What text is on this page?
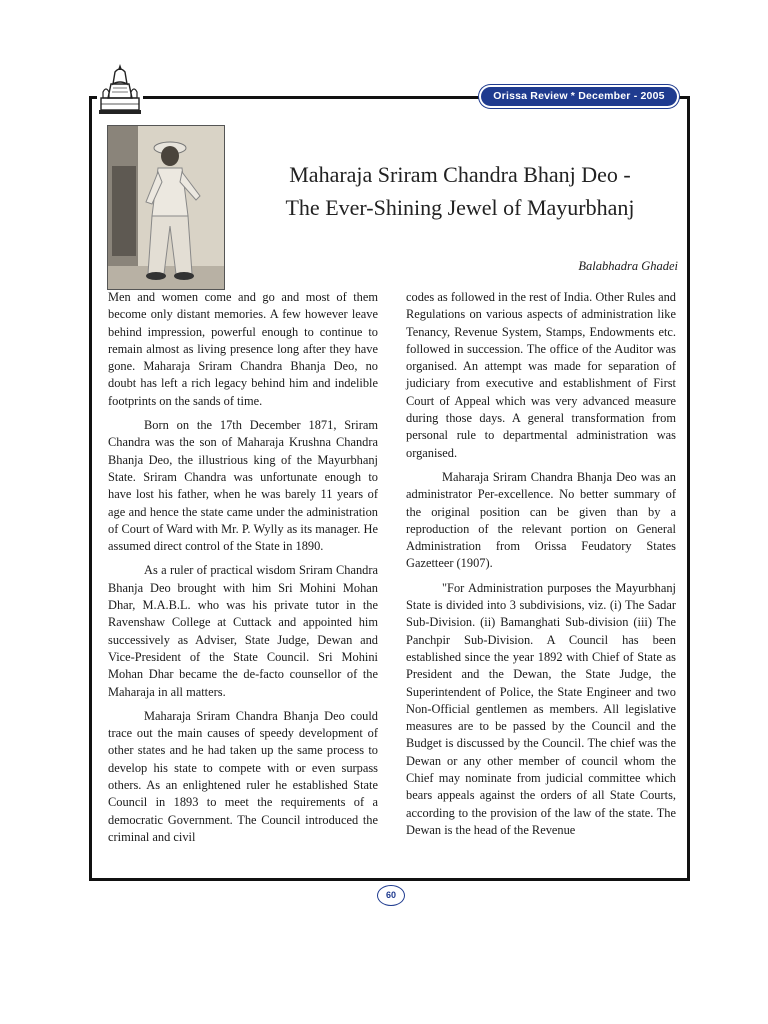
Orissa Review * December - 2005
Maharaja Sriram Chandra Bhanj Deo -
The Ever-Shining Jewel of Mayurbhanj
Balabhadra Ghadei

Men and women come and go and most of them become only distant memories. A few however leave behind impression, powerful enough to continue to remain almost as living presence long after they have gone. Maharaja Sriram Chandra Bhanja Deo, no doubt has left a rich legacy behind him and indelible footprints on the sands of time.

Born on the 17th December 1871, Sriram Chandra was the son of Maharaja Krushna Chandra Bhanja Deo, the illustrious king of the Mayurbhanj State. Sriram Chandra was unfortunate enough to have lost his father, when he was barely 11 years of age and hence the state came under the administration of Court of Ward with Mr. P. Wylly as its manager. He assumed direct control of the State in 1890.

As a ruler of practical wisdom Sriram Chandra Bhanja Deo brought with him Sri Mohini Mohan Dhar, M.A.B.L. who was his private tutor in the Ravenshaw College at Cuttack and appointed him successively as Adviser, State Judge, Dewan and Vice-President of the State Council. Sri Mohini Mohan Dhar became the de-facto counsellor of the Maharaja in all matters.

Maharaja Sriram Chandra Bhanja Deo could trace out the main causes of speedy development of other states and he had taken up the same process to develop his state to compete with or even surpass others. As an enlightened ruler he established State Council in 1893 to meet the requirements of a democratic Government. The Council introduced the criminal and civil

codes as followed in the rest of India. Other Rules and Regulations on various aspects of administration like Tenancy, Revenue System, Stamps, Endowments etc. followed in succession. The office of the Auditor was organised. An attempt was made for separation of judiciary from executive and establishment of First Court of Appeal which was very advanced measure during those days. A general transformation from personal rule to departmental administration was organised.

Maharaja Sriram Chandra Bhanja Deo was an administrator Per-excellence. No better summary of the original position can be given than by a reproduction of the relevant portion on General Administration from Orissa Feudatory States Gazetteer (1907).

"For Administration purposes the Mayurbhanj State is divided into 3 subdivisions, viz. (i) The Sadar Sub-Division. (ii) Bamanghati Sub-division (iii) The Panchpir Sub-Division. A Council has been established since the year 1892 with Chief of State as President and the Dewan, the State Judge, the Superintendent of Police, the State Engineer and two Non-Official gentlemen as members. All legislative measures are to be passed by the Council and the Budget is discussed by the Council. The chief was the Dewan or any other member of council whom the Chief may nominate from judicial committee which bears appeals against the orders of all State Courts, according to the provision of the law of the state. The Dewan is the head of the Revenue

60
